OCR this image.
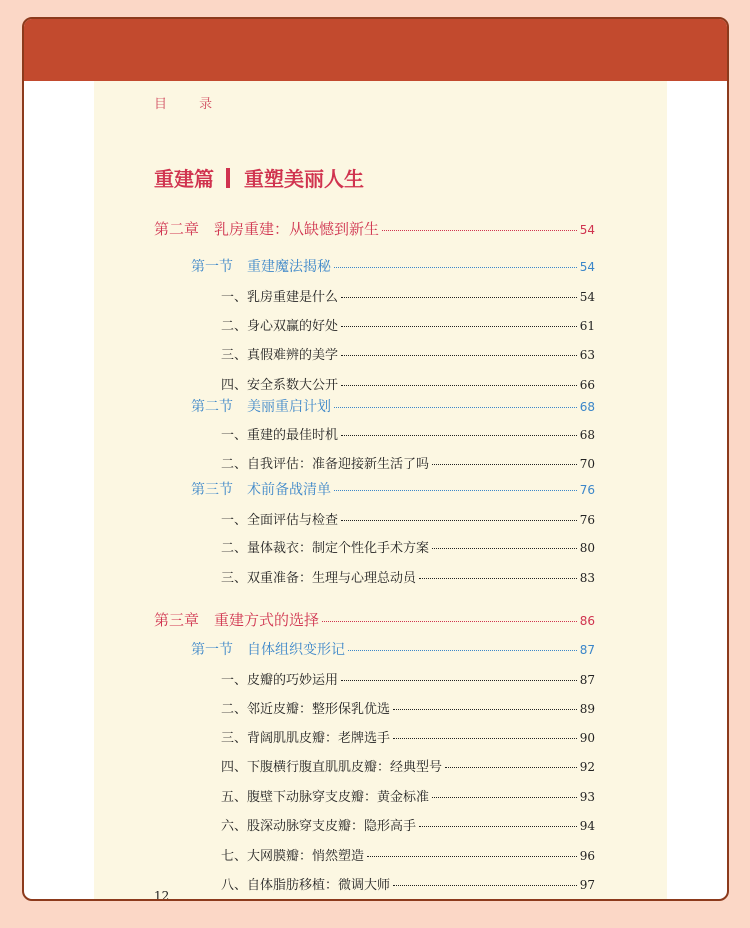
目 录
重建篇 重塑美丽人生
第二章　乳房重建：从缺憾到新生	54
第一节　重建魔法揭秘	54
一、乳房重建是什么	54
二、身心双赢的好处	61
三、真假难辨的美学	63
四、安全系数大公开	66
第二节　美丽重启计划	68
一、重建的最佳时机	68
二、自我评估：准备迎接新生活了吗	70
第三节　术前备战清单	76
一、全面评估与检查	76
二、量体裁衣：制定个性化手术方案	80
三、双重准备：生理与心理总动员	83
第三章　重建方式的选择	86
第一节　自体组织变形记	87
一、皮瓣的巧妙运用	87
二、邻近皮瓣：整形保乳优选	89
三、背阔肌肌皮瓣：老牌选手	90
四、下腹横行腹直肌肌皮瓣：经典型号	92
五、腹壁下动脉穿支皮瓣：黄金标准	93
六、股深动脉穿支皮瓣：隐形高手	94
七、大网膜瓣：悄然塑造	96
八、自体脂肪移植：微调大师	97
12
